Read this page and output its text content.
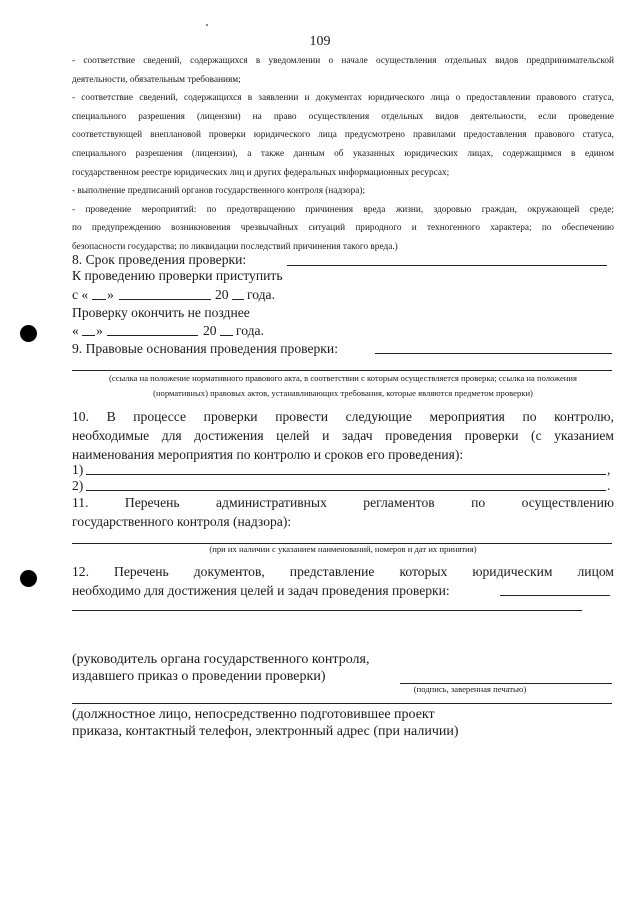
109

- соответствие сведений, содержащихся в уведомлении о начале осуществления отдельных видов предпринимательской

деятельности, обязательным требованиям;

- соответствие сведений, содержащихся в заявлении и документах юридического лица о предоставлении правового статуса,

специального разрешения (лицензии) на право осуществления отдельных видов деятельности, если проведение

соответствующей внеплановой проверки юридического лица предусмотрено правилами предоставления правового статуса,

специального разрешения (лицензии), а также данным об указанных юридических лицах, содержащимся в едином

государственном реестре юридических лиц и других федеральных информационных ресурсах;

- выполнение предписаний органов государственного контроля (надзора);

- проведение мероприятий: по предотвращению причинения вреда жизни, здоровью граждан, окружающей среде;

по предупреждению возникновения чрезвычайных ситуаций природного и техногенного характера; по обеспечению

безопасности государства; по ликвидации последствий причинения такого вреда.)

8. Срок проведения проверки:
К проведению проверки приступить
с « »	20 года.
Проверку окончить не позднее
« »	20 года.
9. Правовые основания проведения проверки:
(ссылка на положение нормативного правового акта, в соответствии с которым осуществляется проверка; ссылка на положения
(нормативных) правовых актов, устанавливающих требования, которые являются предметом проверки)

10. В процессе проверки провести следующие мероприятия по контролю,

необходимые для достижения целей и задач проведения проверки (с указанием

наименования мероприятия по контролю и сроков его проведения):

1)	,
2)	.

11. Перечень административных регламентов по осуществлению

государственного контроля (надзора):

(при их наличии с указанием наименований, номеров и дат их принятия)

12. Перечень документов, представление которых юридическим лицом

необходимо для достижения целей и задач проведения проверки:

(руководитель органа государственного контроля,
издавшего приказ о проведении проверки)
(подпись, заверенная печатью)
(должностное лицо, непосредственно подготовившее проект
приказа, контактный телефон, электронный адрес (при наличии)
